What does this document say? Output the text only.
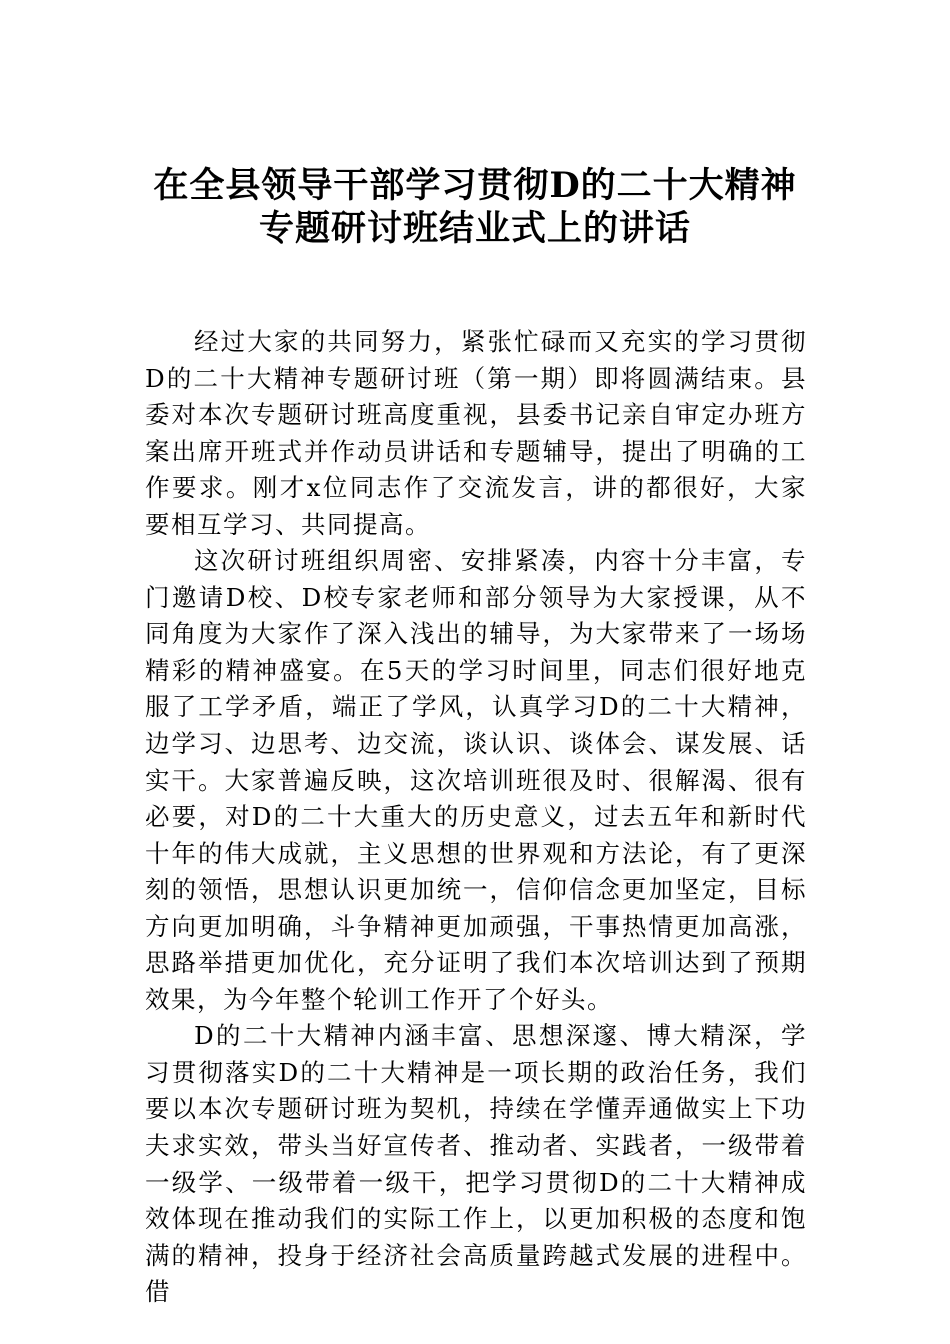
在全县领导干部学习贯彻D的二十大精神
专题研讨班结业式上的讲话

经过大家的共同努力，紧张忙碌而又充实的学习贯彻D的二十大精神专题研讨班（第一期）即将圆满结束。县委对本次专题研讨班高度重视，县委书记亲自审定办班方案出席开班式并作动员讲话和专题辅导，提出了明确的工作要求。刚才x位同志作了交流发言，讲的都很好，大家要相互学习、共同提高。

这次研讨班组织周密、安排紧凑，内容十分丰富，专门邀请D校、D校专家老师和部分领导为大家授课，从不同角度为大家作了深入浅出的辅导，为大家带来了一场场精彩的精神盛宴。在5天的学习时间里，同志们很好地克服了工学矛盾，端正了学风，认真学习D的二十大精神，边学习、边思考、边交流，谈认识、谈体会、谋发展、话实干。大家普遍反映，这次培训班很及时、很解渴、很有必要，对D的二十大重大的历史意义，过去五年和新时代十年的伟大成就，主义思想的世界观和方法论，有了更深刻的领悟，思想认识更加统一，信仰信念更加坚定，目标方向更加明确，斗争精神更加顽强，干事热情更加高涨，思路举措更加优化，充分证明了我们本次培训达到了预期效果，为今年整个轮训工作开了个好头。

D的二十大精神内涵丰富、思想深邃、博大精深，学习贯彻落实D的二十大精神是一项长期的政治任务，我们要以本次专题研讨班为契机，持续在学懂弄通做实上下功夫求实效，带头当好宣传者、推动者、实践者，一级带着一级学、一级带着一级干，把学习贯彻D的二十大精神成效体现在推动我们的实际工作上，以更加积极的态度和饱满的精神，投身于经济社会高质量跨越式发展的进程中。借
